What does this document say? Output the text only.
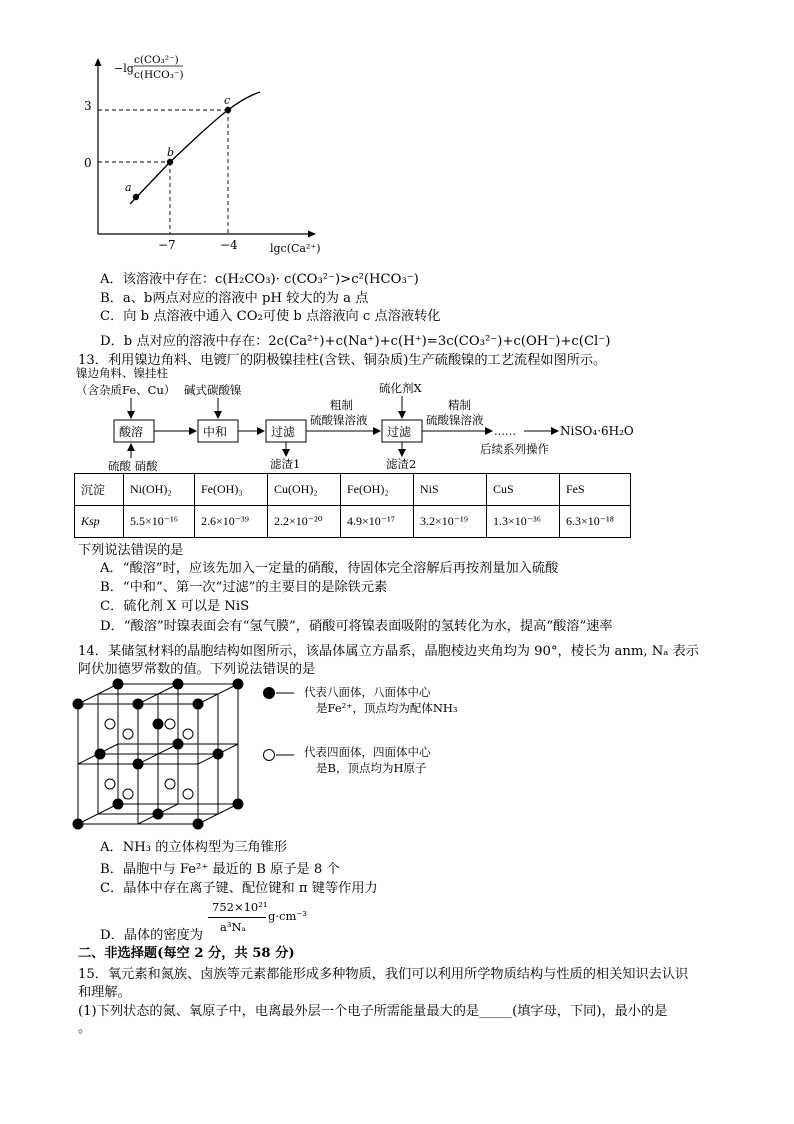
−lg
c(CO₃²⁻)
c(HCO₃⁻)
3
0
−7	−4	lgc(Ca²⁺)
a
b
c
A．该溶液中存在：c(H₂CO₃)· c(CO₃²⁻)>c²(HCO₃⁻)
B．a、b两点对应的溶液中 pH 较大的为 a 点
C．向 b 点溶液中通入 CO₂可使 b 点溶液向 c 点溶液转化
D．b 点对应的溶液中存在：2c(Ca²⁺)+c(Na⁺)+c(H⁺)=3c(CO₃²⁻)+c(OH⁻)+c(Cl⁻)
13．利用镍边角料、电镀厂的阴极镍挂柱(含铁、铜杂质)生产硫酸镍的工艺流程如图所示。
镍边角料、镍挂柱
（含杂质Fe、Cu） 碱式碳酸镍	硫化剂X
粗制
硫酸镍溶液
精制
硫酸镍溶液
酸溶	中和	过滤	过滤	……	NiSO₄·6H₂O
后续系列操作
硫酸 硝酸	滤渣1	滤渣2
沉淀	Ni(OH)₂	Fe(OH)₃	Cu(OH)₂	Fe(OH)₂	NiS	CuS	FeS
Ksp	5.5×10⁻¹⁶	2.6×10⁻³⁹	2.2×10⁻²⁰	4.9×10⁻¹⁷	3.2×10⁻¹⁹	1.3×10⁻³⁶	6.3×10⁻¹⁸
下列说法错误的是
A．“酸溶”时，应该先加入一定量的硝酸，待固体完全溶解后再按剂量加入硫酸
B．“中和”、第一次“过滤”的主要目的是除铁元素
C．硫化剂 X 可以是 NiS
D．“酸溶”时镍表面会有“氢气膜”，硝酸可将镍表面吸附的氢转化为水，提高“酸溶”速率
14．某储氢材料的晶胞结构如图所示，该晶体属立方晶系，晶胞棱边夹角均为 90°，棱长为 anm, Nₐ 表示
阿伏加德罗常数的值。下列说法错误的是
代表八面体，八面体中心
是Fe²⁺，顶点均为配体NH₃
代表四面体，四面体中心
是B，顶点均为H原子
A．NH₃ 的立体构型为三角锥形
B．晶胞中与 Fe²⁺ 最近的 B 原子是 8 个
C．晶体中存在离子键、配位键和 π 键等作用力
D．晶体的密度为
752×10²¹
a³Nₐ
g·cm⁻³
二、非选择题(每空 2 分，共 58 分)
15．氧元素和氮族、卤族等元素都能形成多种物质，我们可以利用所学物质结构与性质的相关知识去认识
和理解。
(1)下列状态的氮、氧原子中，电离最外层一个电子所需能量最大的是_____(填字母，下同)，最小的是
。
